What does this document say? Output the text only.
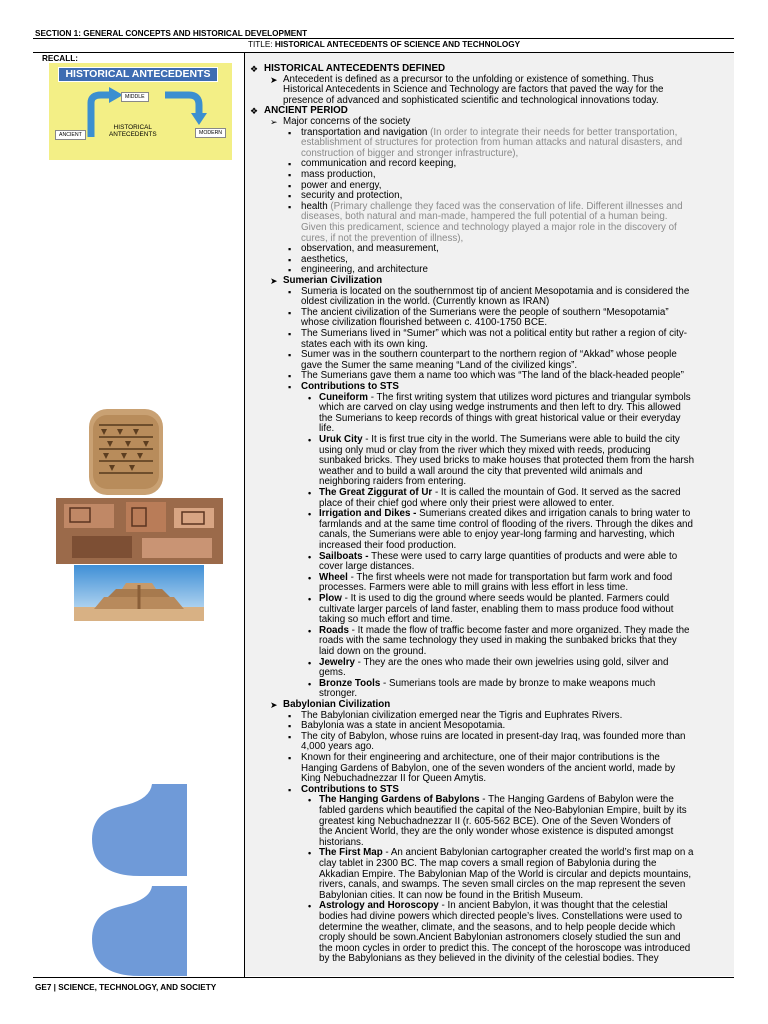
SECTION 1: GENERAL CONCEPTS AND HISTORICAL DEVELOPMENT
TITLE: HISTORICAL ANTECEDENTS OF SCIENCE AND TECHNOLOGY
RECALL:
HISTORICAL ANTECEDENTS
MIDDLE
ANCIENT	MODERN
HISTORICAL
ANTECEDENTS
❖ HISTORICAL ANTECEDENTS DEFINED
➤ Antecedent is defined as a precursor to the unfolding or existence of something. Thus
Historical Antecedents in Science and Technology are factors that paved the way for the
presence of advanced and sophisticated scientific and technological innovations today.
❖ ANCIENT PERIOD
➢ Major concerns of the society
▪ transportation and navigation (In order to integrate their needs for better transportation,
establishment of structures for protection from human attacks and natural disasters, and
construction of bigger and stronger infrastructure),
▪ communication and record keeping,
▪ mass production,
▪ power and energy,
▪ security and protection,
▪ health (Primary challenge they faced was the conservation of life. Different illnesses and
diseases, both natural and man-made, hampered the full potential of a human being.
Given this predicament, science and technology played a major role in the discovery of
cures, if not the prevention of illness),
▪ observation, and measurement,
▪ aesthetics,
▪ engineering, and architecture
➤ Sumerian Civilization
▪ Sumeria is located on the southernmost tip of ancient Mesopotamia and is considered the
oldest civilization in the world. (Currently known as IRAN)
▪ The ancient civilization of the Sumerians were the people of southern “Mesopotamia”
whose civilization flourished between c. 4100-1750 BCE.
▪ The Sumerians lived in “Sumer” which was not a political entity but rather a region of city-
states each with its own king.
▪ Sumer was in the southern counterpart to the northern region of “Akkad” whose people
gave the Sumer the same meaning “Land of the civilized kings”.
▪ The Sumerians gave them a name too which was “The land of the black-headed people”
▪ Contributions to STS
• Cuneiform - The first writing system that utilizes word pictures and triangular symbols
which are carved on clay using wedge instruments and then left to dry. This allowed
the Sumerians to keep records of things with great historical value or their everyday
life.
• Uruk City - It is first true city in the world. The Sumerians were able to build the city
using only mud or clay from the river which they mixed with reeds, producing
sunbaked bricks. They used bricks to make houses that protected them from the harsh
weather and to build a wall around the city that prevented wild animals and
neighboring raiders from entering.
• The Great Ziggurat of Ur - It is called the mountain of God. It served as the sacred
place of their chief god where only their priest were allowed to enter.
• Irrigation and Dikes - Sumerians created dikes and irrigation canals to bring water to
farmlands and at the same time control of flooding of the rivers. Through the dikes and
canals, the Sumerians were able to enjoy year-long farming and harvesting, which
increased their food production.
• Sailboats - These were used to carry large quantities of products and were able to
cover large distances.
• Wheel - The first wheels were not made for transportation but farm work and food
processes. Farmers were able to mill grains with less effort in less time.
• Plow - It is used to dig the ground where seeds would be planted. Farmers could
cultivate larger parcels of land faster, enabling them to mass produce food without
taking so much effort and time.
• Roads - It made the flow of traffic become faster and more organized. They made the
roads with the same technology they used in making the sunbaked bricks that they
laid down on the ground.
• Jewelry - They are the ones who made their own jewelries using gold, silver and
gems.
• Bronze Tools - Sumerians tools are made by bronze to make weapons much
stronger.
➤ Babylonian Civilization
▪ The Babylonian civilization emerged near the Tigris and Euphrates Rivers.
▪ Babylonia was a state in ancient Mesopotamia.
▪ The city of Babylon, whose ruins are located in present-day Iraq, was founded more than
4,000 years ago.
▪ Known for their engineering and architecture, one of their major contributions is the
Hanging Gardens of Babylon, one of the seven wonders of the ancient world, made by
King Nebuchadnezzar II for Queen Amytis.
▪ Contributions to STS
• The Hanging Gardens of Babylons - The Hanging Gardens of Babylon were the
fabled gardens which beautified the capital of the Neo-Babylonian Empire, built by its
greatest king Nebuchadnezzar II (r. 605-562 BCE). One of the Seven Wonders of
the Ancient World, they are the only wonder whose existence is disputed amongst
historians.
• The First Map - An ancient Babylonian cartographer created the world’s first map on a
clay tablet in 2300 BC. The map covers a small region of Babylonia during the
Akkadian Empire. The Babylonian Map of the World is circular and depicts mountains,
rivers, canals, and swamps. The seven small circles on the map represent the seven
Babylonian cities. It can now be found in the British Museum.
• Astrology and Horoscopy - In ancient Babylon, it was thought that the celestial
bodies had divine powers which directed people’s lives. Constellations were used to
determine the weather, climate, and the seasons, and to help people decide which
croply should be sown.Ancient Babylonian astronomers closely studied the sun and
the moon cycles in order to predict this. The concept of the horoscope was introduced
by the Babylonians as they believed in the divinity of the celestial bodies. They
GE7 | SCIENCE, TECHNOLOGY, AND SOCIETY
